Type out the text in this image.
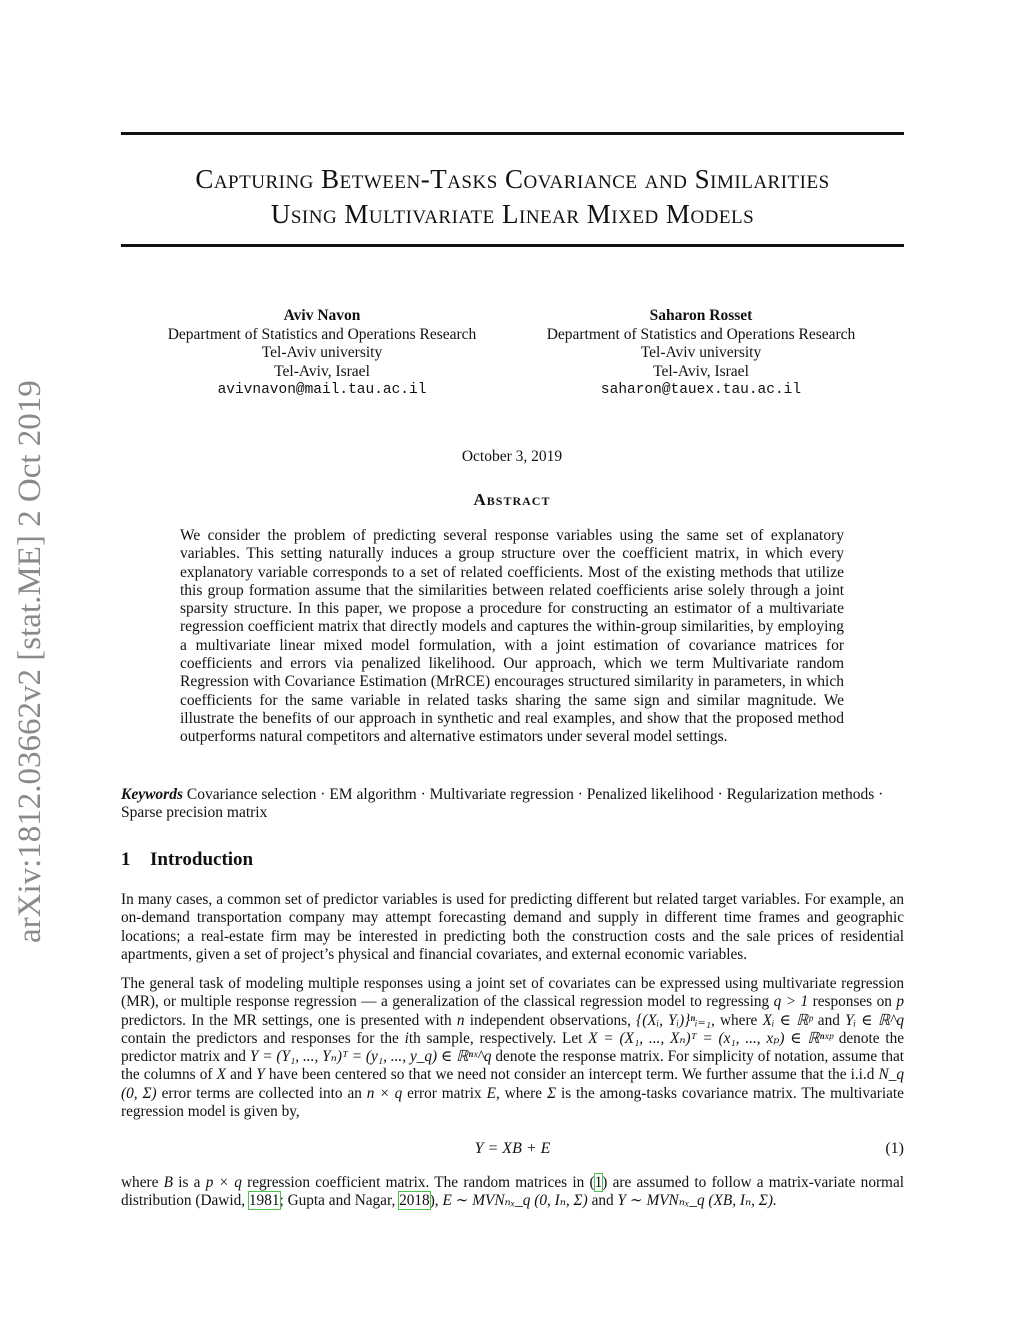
arXiv:1812.03662v2 [stat.ME] 2 Oct 2019
Capturing Between-Tasks Covariance and Similarities
Using Multivariate Linear Mixed Models
Aviv Navon
Department of Statistics and Operations Research
Tel-Aviv university
Tel-Aviv, Israel
avivnavon@mail.tau.ac.il
Saharon Rosset
Department of Statistics and Operations Research
Tel-Aviv university
Tel-Aviv, Israel
saharon@tauex.tau.ac.il
October 3, 2019
Abstract
We consider the problem of predicting several response variables using the same set of explanatory variables. This setting naturally induces a group structure over the coefficient matrix, in which every explanatory variable corresponds to a set of related coefficients. Most of the existing methods that utilize this group formation assume that the similarities between related coefficients arise solely through a joint sparsity structure. In this paper, we propose a procedure for constructing an estimator of a multivariate regression coefficient matrix that directly models and captures the within-group similarities, by employing a multivariate linear mixed model formulation, with a joint estimation of covariance matrices for coefficients and errors via penalized likelihood. Our approach, which we term Multivariate random Regression with Covariance Estimation (MrRCE) encourages structured similarity in parameters, in which coefficients for the same variable in related tasks sharing the same sign and similar magnitude. We illustrate the benefits of our approach in synthetic and real examples, and show that the proposed method outperforms natural competitors and alternative estimators under several model settings.
Keywords Covariance selection · EM algorithm · Multivariate regression · Penalized likelihood · Regularization methods · Sparse precision matrix
1 Introduction
In many cases, a common set of predictor variables is used for predicting different but related target variables. For example, an on-demand transportation company may attempt forecasting demand and supply in different time frames and geographic locations; a real-estate firm may be interested in predicting both the construction costs and the sale prices of residential apartments, given a set of project’s physical and financial covariates, and external economic variables.
The general task of modeling multiple responses using a joint set of covariates can be expressed using multivariate regression (MR), or multiple response regression — a generalization of the classical regression model to regressing q > 1 responses on p predictors. In the MR settings, one is presented with n independent observations, {(Xᵢ, Yᵢ)}ⁿᵢ₌₁, where Xᵢ ∈ ℝᵖ and Yᵢ ∈ ℝ^q contain the predictors and responses for the ith sample, respectively. Let X = (X₁, ..., Xₙ)ᵀ = (x₁, ..., xₚ) ∈ ℝⁿˣᵖ denote the predictor matrix and Y = (Y₁, ..., Yₙ)ᵀ = (y₁, ..., y_q) ∈ ℝⁿˣ^q denote the response matrix. For simplicity of notation, assume that the columns of X and Y have been centered so that we need not consider an intercept term. We further assume that the i.i.d N_q (0, Σ) error terms are collected into an n × q error matrix E, where Σ is the among-tasks covariance matrix. The multivariate regression model is given by,
Y = XB + E	(1)
where B is a p × q regression coefficient matrix. The random matrices in (1) are assumed to follow a matrix-variate normal distribution (Dawid, 1981; Gupta and Nagar, 2018), E ∼ MVNₙₓ_q (0, Iₙ, Σ) and Y ∼ MVNₙₓ_q (XB, Iₙ, Σ).
